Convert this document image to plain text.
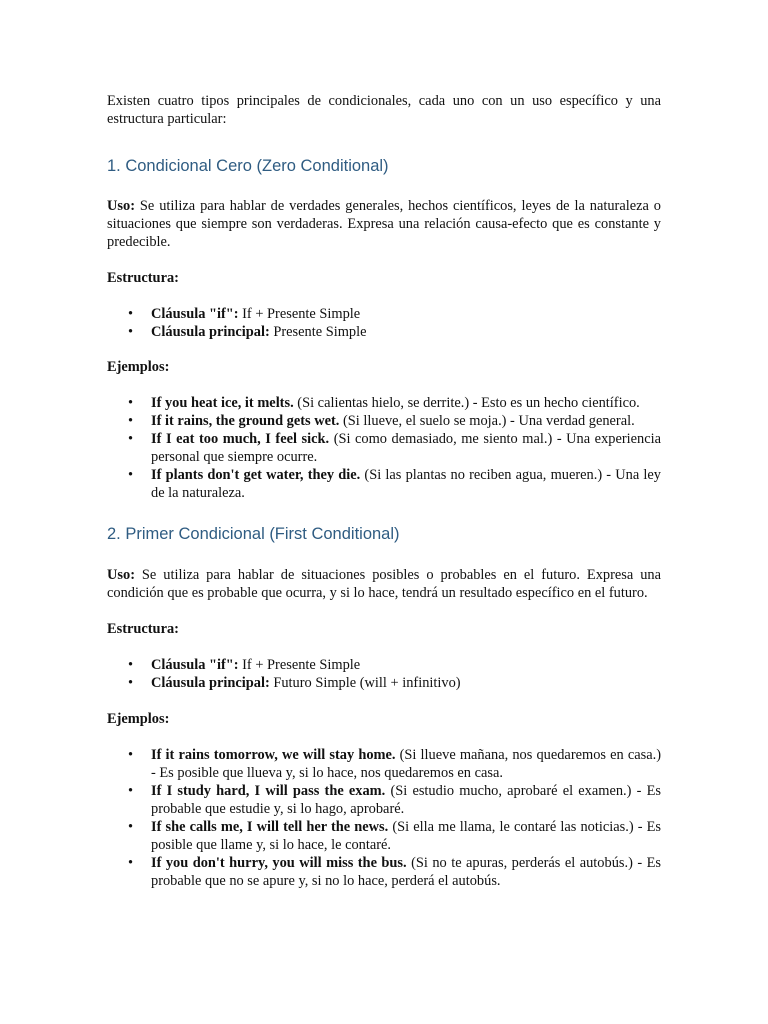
Existen cuatro tipos principales de condicionales, cada uno con un uso específico y una estructura particular:

1. Condicional Cero (Zero Conditional)

Uso: Se utiliza para hablar de verdades generales, hechos científicos, leyes de la naturaleza o situaciones que siempre son verdaderas. Expresa una relación causa-efecto que es constante y predecible.

Estructura:

• Cláusula "if": If + Presente Simple
• Cláusula principal: Presente Simple

Ejemplos:

• If you heat ice, it melts. (Si calientas hielo, se derrite.) - Esto es un hecho científico.
• If it rains, the ground gets wet. (Si llueve, el suelo se moja.) - Una verdad general.
• If I eat too much, I feel sick. (Si como demasiado, me siento mal.) - Una experiencia personal que siempre ocurre.
• If plants don't get water, they die. (Si las plantas no reciben agua, mueren.) - Una ley de la naturaleza.
2. Primer Condicional (First Conditional)

Uso: Se utiliza para hablar de situaciones posibles o probables en el futuro. Expresa una condición que es probable que ocurra, y si lo hace, tendrá un resultado específico en el futuro.

Estructura:

• Cláusula "if": If + Presente Simple
• Cláusula principal: Futuro Simple (will + infinitivo)

Ejemplos:

• If it rains tomorrow, we will stay home. (Si llueve mañana, nos quedaremos en casa.) - Es posible que llueva y, si lo hace, nos quedaremos en casa.
• If I study hard, I will pass the exam. (Si estudio mucho, aprobaré el examen.) - Es probable que estudie y, si lo hago, aprobaré.
• If she calls me, I will tell her the news. (Si ella me llama, le contaré las noticias.) - Es posible que llame y, si lo hace, le contaré.
• If you don't hurry, you will miss the bus. (Si no te apuras, perderás el autobús.) - Es probable que no se apure y, si no lo hace, perderá el autobús.
